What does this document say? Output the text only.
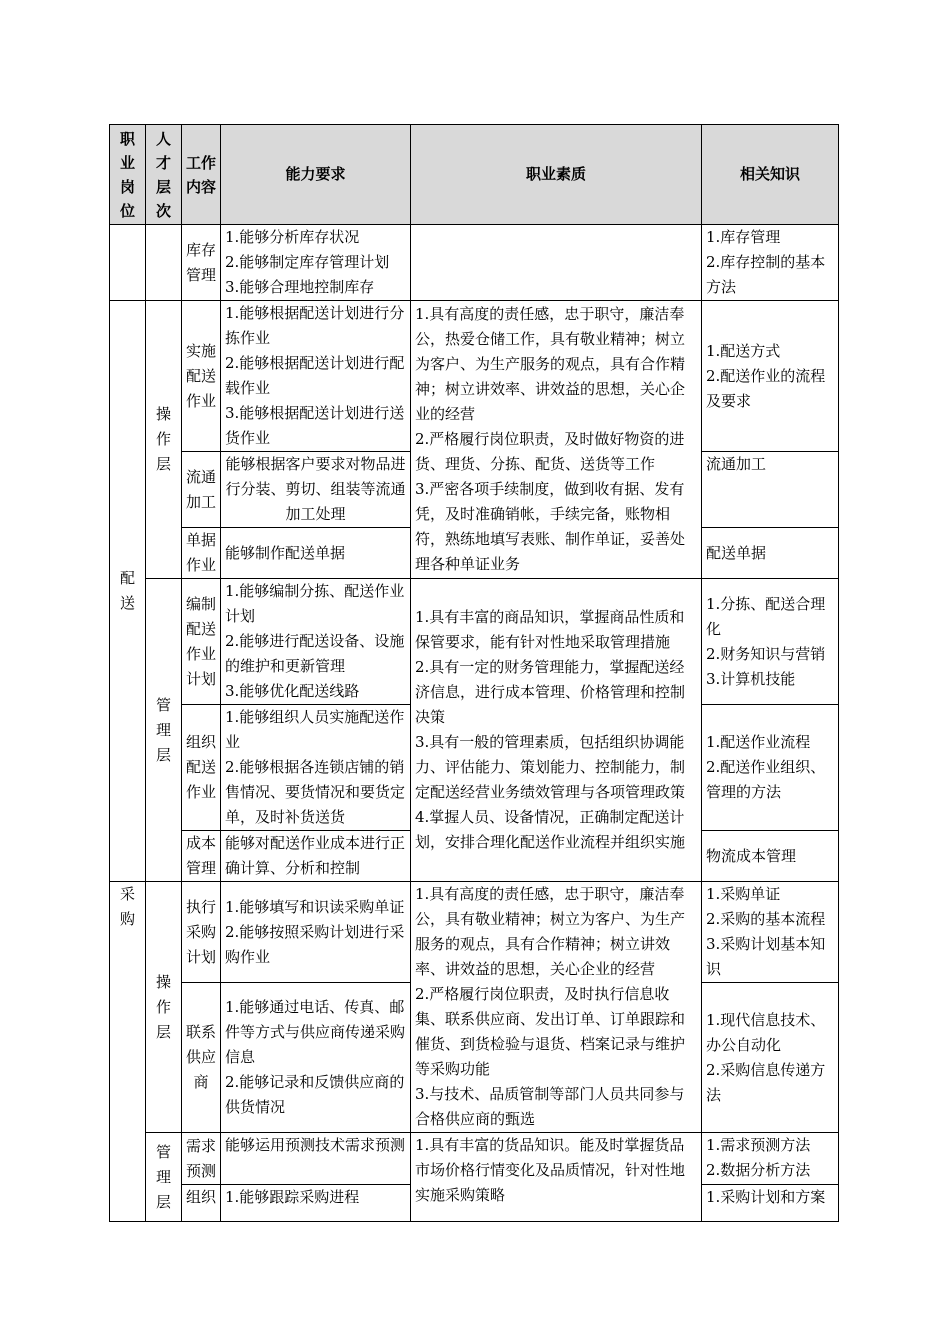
职业岗位	人才层次	工作内容	能力要求	职业素质	相关知识
		库存管理	1.能够分析库存状况
2.能够制定库存管理计划
3.能够合理地控制库存		1.库存管理
2.库存控制的基本方法

配送	操作层	实施配送作业	1.能够根据配送计划进行分拣作业
2.能够根据配送计划进行配载作业
3.能够根据配送计划进行送货作业	1.具有高度的责任感，忠于职守，廉洁奉公，热爱仓储工作，具有敬业精神；树立为客户、为生产服务的观点，具有合作精神；树立讲效率、讲效益的思想，关心企业的经营
2.严格履行岗位职责，及时做好物资的进货、理货、分拣、配货、送货等工作
3.严密各项手续制度，做到收有据、发有凭，及时准确销帐，手续完备，账物相符，熟练地填写表账、制作单证，妥善处理各种单证业务	1.配送方式
2.配送作业的流程及要求

		流通加工	能够根据客户要求对物品进行分装、剪切、组装等流通加工处理		流通加工
		单据作业	能够制作配送单据		配送单据
	管理层	编制配送作业计划	1.能够编制分拣、配送作业计划
2.能够进行配送设备、设施的维护和更新管理
3.能够优化配送线路	1.具有丰富的商品知识，掌握商品性质和保管要求，能有针对性地采取管理措施
2.具有一定的财务管理能力，掌握配送经济信息，进行成本管理、价格管理和控制决策
3.具有一般的管理素质，包括组织协调能力、评估能力、策划能力、控制能力，制定配送经营业务绩效管理与各项管理政策
4.掌握人员、设备情况，正确制定配送计划，安排合理化配送作业流程并组织实施	1.分拣、配送合理化
2.财务知识与营销
3.计算机技能

		组织配送作业	1.能够组织人员实施配送作业
2.能够根据各连锁店铺的销售情况、要货情况和要货定单，及时补货送货		1.配送作业流程
2.配送作业组织、管理的方法

		成本管理	能够对配送作业成本进行正确计算、分析和控制		物流成本管理
采购	操作层	执行采购计划	1.能够填写和识读采购单证
2.能够按照采购计划进行采购作业	1.具有高度的责任感，忠于职守，廉洁奉公，具有敬业精神；树立为客户、为生产服务的观点，具有合作精神；树立讲效率、讲效益的思想，关心企业的经营
2.严格履行岗位职责，及时执行信息收集、联系供应商、发出订单、订单跟踪和催货、到货检验与退货、档案记录与维护等采购功能
3.与技术、品质管制等部门人员共同参与合格供应商的甄选	1.采购单证
2.采购的基本流程
3.采购计划基本知识

		联系供应商	1.能够通过电话、传真、邮件等方式与供应商传递采购信息
2.能够记录和反馈供应商的供货情况		1.现代信息技术、办公自动化
2.采购信息传递方法

	管理层	需求预测	能够运用预测技术需求预测	1.具有丰富的货品知识。能及时掌握货品市场价格行情变化及品质情况，针对性地实施采购策略	1.需求预测方法
2.数据分析方法

		组织	1.能够跟踪采购进程		1.采购计划和方案
